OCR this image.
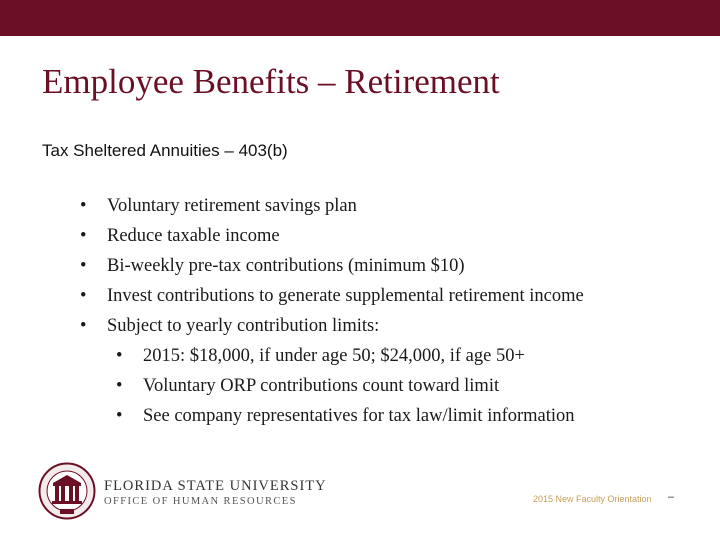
Employee Benefits – Retirement
Tax Sheltered Annuities – 403(b)
• Voluntary retirement savings plan
• Reduce taxable income
• Bi-weekly pre-tax contributions (minimum $10)
• Invest contributions to generate supplemental retirement income
• Subject to yearly contribution limits:
• 2015: $18,000, if under age 50; $24,000, if age 50+
• Voluntary ORP contributions count toward limit
• See company representatives for tax law/limit information
FLORIDA STATE UNIVERSITY
OFFICE OF HUMAN RESOURCES	2015 New Faculty Orientation –
